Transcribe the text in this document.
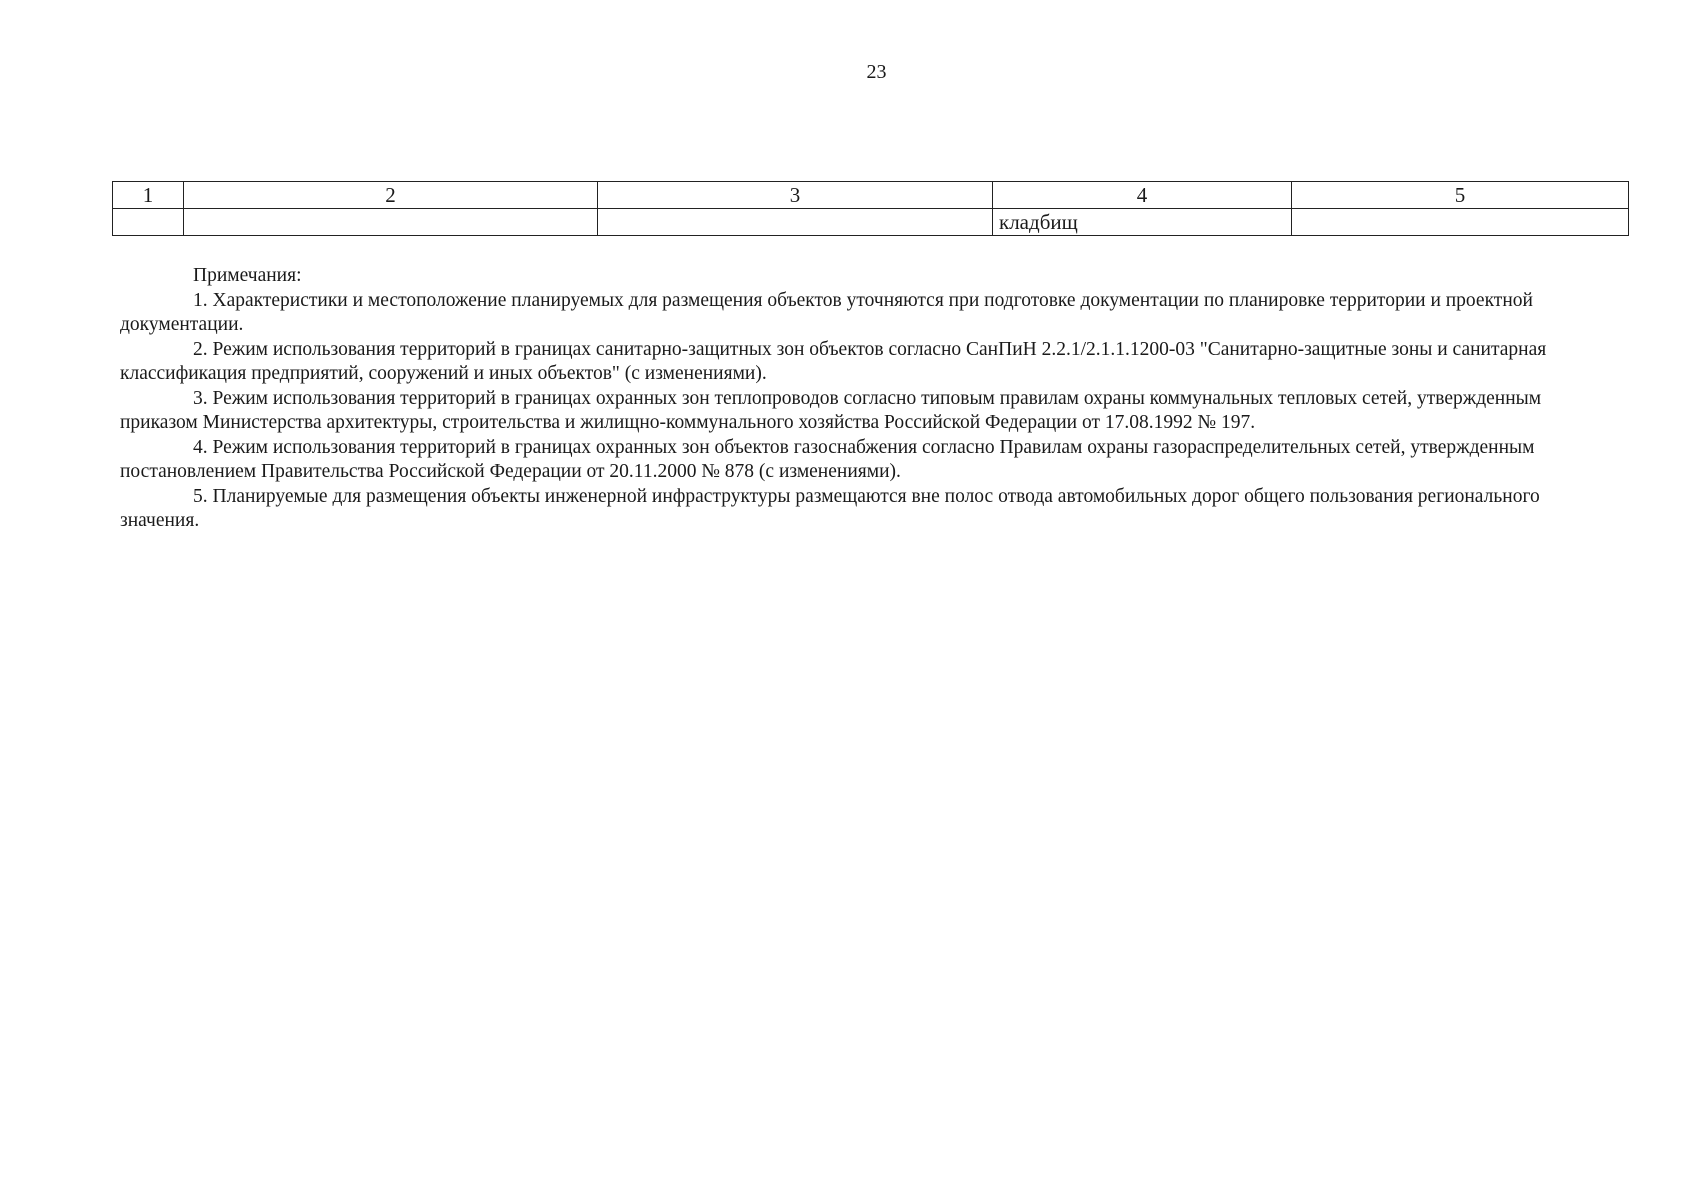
23
1	2	3	4	5
			кладбищ	
Примечания:

1. Характеристики и местоположение планируемых для размещения объектов уточняются при подготовке документации по планировке территории и проектной документации.

2. Режим использования территорий в границах санитарно-защитных зон объектов согласно СанПиН 2.2.1/2.1.1.1200-03 "Санитарно-защитные зоны и санитарная классификация предприятий, сооружений и иных объектов" (с изменениями).

3. Режим использования территорий в границах охранных зон теплопроводов согласно типовым правилам охраны коммунальных тепловых сетей, утвержденным приказом Министерства архитектуры, строительства и жилищно-коммунального хозяйства Российской Федерации от 17.08.1992 № 197.

4. Режим использования территорий в границах охранных зон объектов газоснабжения согласно Правилам охраны газораспределительных сетей, утвержденным постановлением Правительства Российской Федерации от 20.11.2000 № 878 (с изменениями).

5. Планируемые для размещения объекты инженерной инфраструктуры размещаются вне полос отвода автомобильных дорог общего пользования регионального значения.
